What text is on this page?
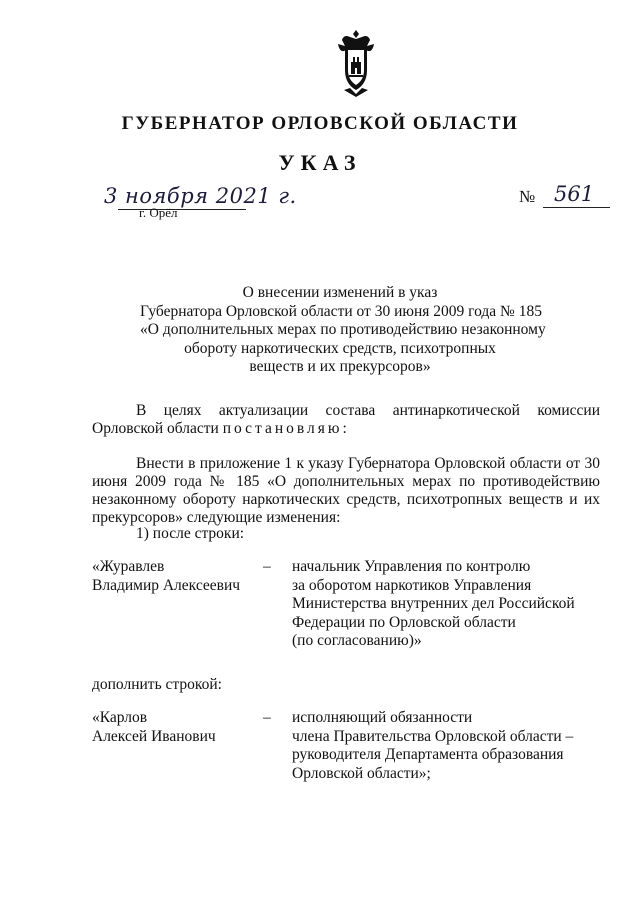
ГУБЕРНАТОР ОРЛОВСКОЙ ОБЛАСТИ
УКАЗ
3 ноября 2021 г.
г. Орёл
№ 561
О внесении изменений в указ
Губернатора Орловской области от 30 июня 2009 года № 185
«О дополнительных мерах по противодействию незаконному
обороту наркотических средств, психотропных
веществ и их прекурсоров»
В целях актуализации состава антинаркотической комиссии Орловской области постановляю:
Внести в приложение 1 к указу Губернатора Орловской области от 30 июня 2009 года № 185 «О дополнительных мерах по противодействию незаконному обороту наркотических средств, психотропных веществ и их прекурсоров» следующие изменения:
1) после строки:
«Журавлев
Владимир Алексеевич
– начальник Управления по контролю
за оборотом наркотиков Управления
Министерства внутренних дел Российской
Федерации по Орловской области
(по согласованию)»
дополнить строкой:
«Карлов
Алексей Иванович
– исполняющий обязанности
члена Правительства Орловской области –
руководителя Департамента образования
Орловской области»;
